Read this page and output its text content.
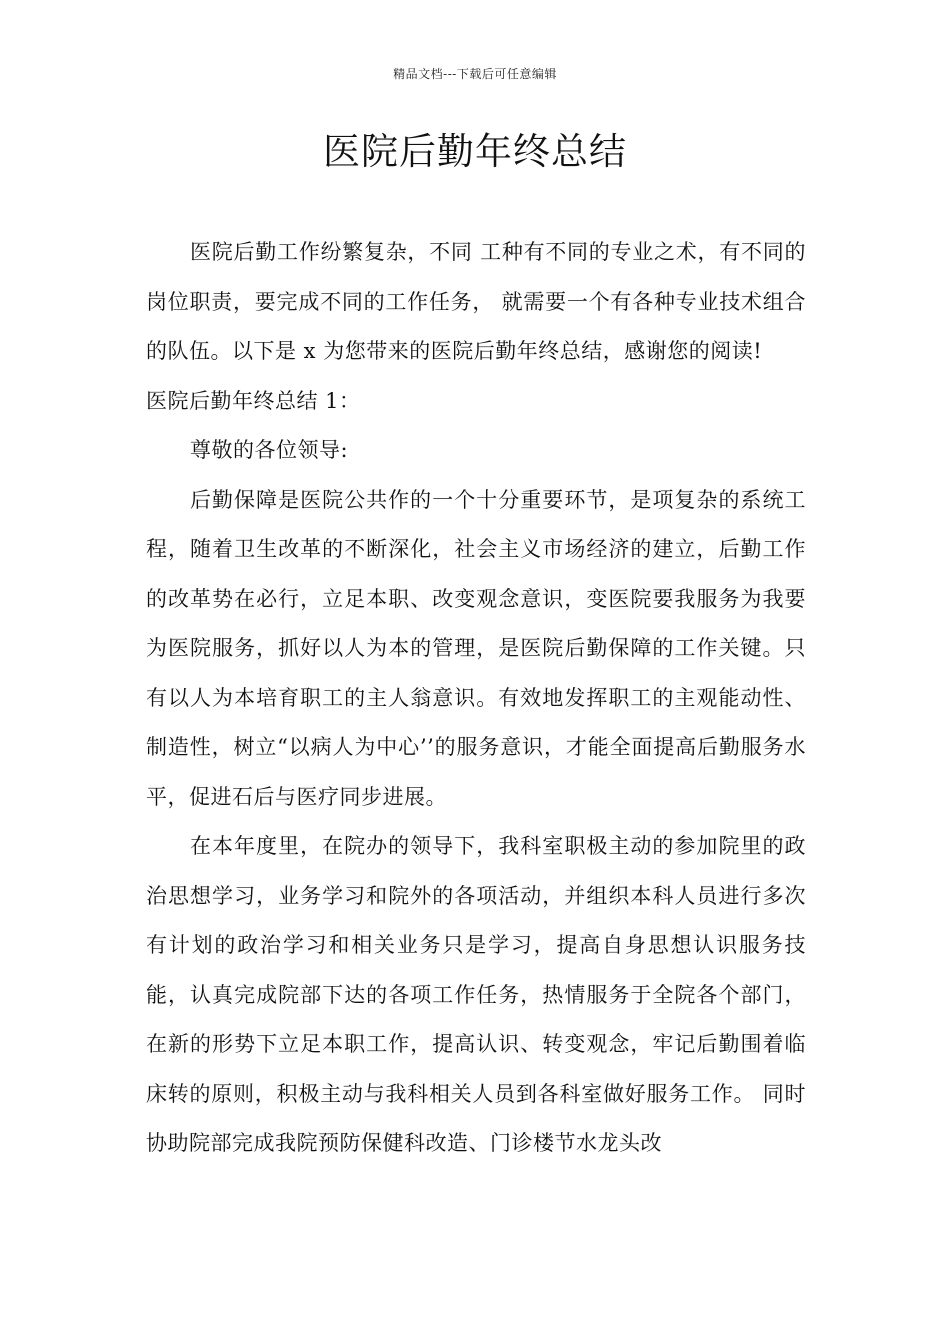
精品文档---下载后可任意编辑
医院后勤年终总结

医院后勤工作纷繁复杂，不同 工种有不同的专业之术，有不同的岗位职责，要完成不同的工作任务， 就需要一个有各种专业技术组合的队伍。以下是 x 为您带来的医院后勤年终总结，感谢您的阅读!

医院后勤年终总结 1：

尊敬的各位领导:

后勤保障是医院公共作的一个十分重要环节，是项复杂的系统工程，随着卫生改革的不断深化，社会主义市场经济的建立，后勤工作的改革势在必行，立足本职、改变观念意识，变医院要我服务为我要为医院服务，抓好以人为本的管理，是医院后勤保障的工作关键。只有以人为本培育职工的主人翁意识。有效地发挥职工的主观能动性、制造性，树立“以病人为中心’’的服务意识，才能全面提高后勤服务水平，促进石后与医疗同步进展。

在本年度里，在院办的领导下，我科室职极主动的参加院里的政治思想学习，业务学习和院外的各项活动，并组织本科人员进行多次有计划的政治学习和相关业务只是学习，提高自身思想认识服务技能，认真完成院部下达的各项工作任务，热情服务于全院各个部门，在新的形势下立足本职工作，提高认识、转变观念，牢记后勤围着临床转的原则，积极主动与我科相关人员到各科室做好服务工作。 同时协助院部完成我院预防保健科改造、门诊楼节水龙头改
